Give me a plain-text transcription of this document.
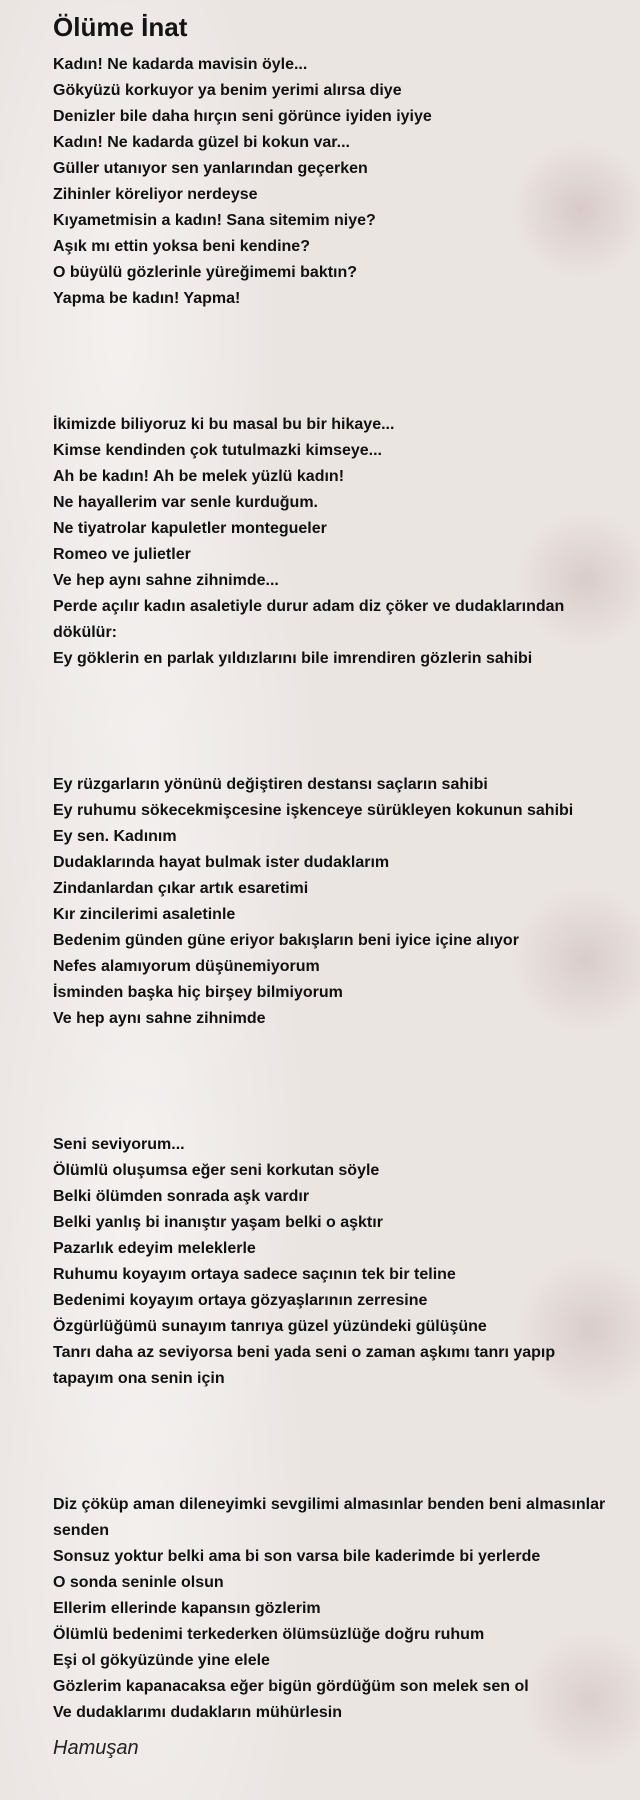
Ölüme İnat
Kadın! Ne kadarda mavisin öyle...
Gökyüzü korkuyor ya benim yerimi alırsa diye
Denizler bile daha hırçın seni görünce iyiden iyiye
Kadın! Ne kadarda güzel bi kokun var...
Güller utanıyor sen yanlarından geçerken
Zihinler köreliyor nerdeyse
Kıyametmisin a kadın! Sana sitemim niye?
Aşık mı ettin yoksa beni kendine?
O büyülü gözlerinle yüreğimemi baktın?
Yapma be kadın! Yapma!
İkimizde biliyoruz ki bu masal bu bir hikaye...
Kimse kendinden çok tutulmazki kimseye...
Ah be kadın! Ah be melek yüzlü kadın!
Ne hayallerim var senle kurduğum.
Ne tiyatrolar kapuletler montegueler
Romeo ve julietler
Ve hep aynı sahne zihnimde...
Perde açılır kadın asaletiyle durur adam diz çöker ve dudaklarından dökülür:
Ey göklerin en parlak yıldızlarını bile imrendiren gözlerin sahibi
Ey rüzgarların yönünü değiştiren destansı saçların sahibi
Ey ruhumu sökecekmişcesine işkenceye sürükleyen kokunun sahibi
Ey sen. Kadınım
Dudaklarında hayat bulmak ister dudaklarım
Zindanlardan çıkar artık esaretimi
Kır zincilerimi asaletinle
Bedenim günden güne eriyor bakışların beni iyice içine alıyor
Nefes alamıyorum düşünemiyorum
İsminden başka hiç birşey bilmiyorum
Ve hep aynı sahne zihnimde
Seni seviyorum...
Ölümlü oluşumsa eğer seni korkutan söyle
Belki ölümden sonrada aşk vardır
Belki yanlış bi inanıştır yaşam belki o aşktır
Pazarlık edeyim meleklerle
Ruhumu koyayım ortaya sadece saçının tek bir teline
Bedenimi koyayım ortaya gözyaşlarının zerresine
Özgürlüğümü sunayım tanrıya güzel yüzündeki gülüşüne
Tanrı daha az seviyorsa beni yada seni o zaman aşkımı tanrı yapıp tapayım ona senin için
Diz çöküp aman dileneyimki sevgilimi almasınlar benden beni almasınlar senden
Sonsuz yoktur belki ama bi son varsa bile kaderimde bi yerlerde
O sonda seninle olsun
Ellerim ellerinde kapansın gözlerim
Ölümlü bedenimi terkederken ölümsüzlüğe doğru ruhum
Eşi ol gökyüzünde yine elele
Gözlerim kapanacaksa eğer bigün gördüğüm son melek sen ol
Ve dudaklarımı dudakların mühürlesin
Hamuşan
